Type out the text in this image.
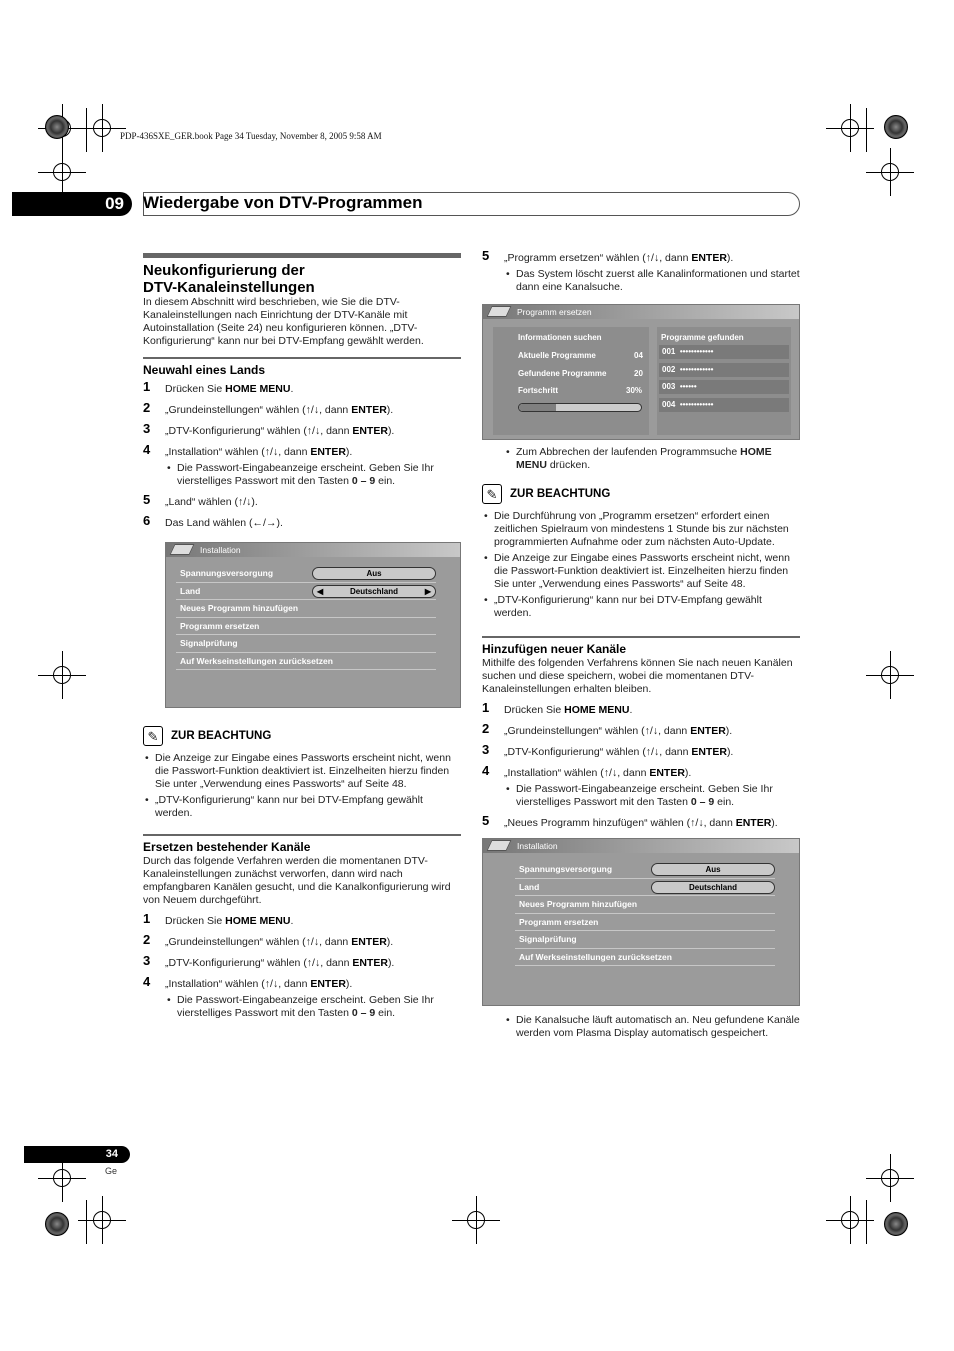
PDP-436SXE_GER.book Page 34 Tuesday, November 8, 2005 9:58 AM
09	Wiedergabe von DTV-Programmen
Neukonfigurierung der
DTV-Kanaleinstellungen

In diesem Abschnitt wird beschrieben, wie Sie die DTV-Kanaleinstellungen nach Einrichtung der DTV-Kanäle mit Autoinstallation (Seite 24) neu konfigurieren können. „DTV-Konfigurierung“ kann nur bei DTV-Empfang gewählt werden.

Neuwahl eines Lands
1 Drücken Sie HOME MENU.
2 „Grundeinstellungen“ wählen (↑/↓, dann ENTER).
3 „DTV-Konfigurierung“ wählen (↑/↓, dann ENTER).
4 „Installation“ wählen (↑/↓, dann ENTER).
• Die Passwort-Eingabeanzeige erscheint. Geben Sie Ihr vierstelliges Passwort mit den Tasten 0 – 9 ein.
5 „Land“ wählen (↑/↓).
6 Das Land wählen (←/→).
Installation
Spannungsversorgung	Aus
Land	◀	Deutschland	▶
Neues Programm hinzufügen
Programm ersetzen
Signalprüfung
Auf Werkseinstellungen zurücksetzen
✎	ZUR BEACHTUNG
• Die Anzeige zur Eingabe eines Passworts erscheint nicht, wenn die Passwort-Funktion deaktiviert ist. Einzelheiten hierzu finden Sie unter „Verwendung eines Passworts“ auf Seite 48.
• „DTV-Konfigurierung“ kann nur bei DTV-Empfang gewählt werden.
Ersetzen bestehender Kanäle

Durch das folgende Verfahren werden die momentanen DTV-Kanaleinstellungen zunächst verworfen, dann wird nach empfangbaren Kanälen gesucht, und die Kanalkonfigurierung wird von Neuem durchgeführt.

1 Drücken Sie HOME MENU.
2 „Grundeinstellungen“ wählen (↑/↓, dann ENTER).
3 „DTV-Konfigurierung“ wählen (↑/↓, dann ENTER).
4 „Installation“ wählen (↑/↓, dann ENTER).
• Die Passwort-Eingabeanzeige erscheint. Geben Sie Ihr vierstelliges Passwort mit den Tasten 0 – 9 ein.
5 „Programm ersetzen“ wählen (↑/↓, dann ENTER).
• Das System löscht zuerst alle Kanalinformationen und startet dann eine Kanalsuche.
Programm ersetzen
Informationen suchen
Aktuelle Programme	04
Gefundene Programme	20
Fortschritt	30%
Programme gefunden
001 ••••••••••••
002 ••••••••••••
003 ••••••
004 ••••••••••••
• Zum Abbrechen der laufenden Programmsuche HOME MENU drücken.
✎	ZUR BEACHTUNG
• Die Durchführung von „Programm ersetzen“ erfordert einen zeitlichen Spielraum von mindestens 1 Stunde bis zur nächsten programmierten Aufnahme oder zum nächsten Auto-Update.
• Die Anzeige zur Eingabe eines Passworts erscheint nicht, wenn die Passwort-Funktion deaktiviert ist. Einzelheiten hierzu finden Sie unter „Verwendung eines Passworts“ auf Seite 48.
• „DTV-Konfigurierung“ kann nur bei DTV-Empfang gewählt werden.
Hinzufügen neuer Kanäle

Mithilfe des folgenden Verfahrens können Sie nach neuen Kanälen suchen und diese speichern, wobei die momentanen DTV-Kanaleinstellungen erhalten bleiben.

1 Drücken Sie HOME MENU.
2 „Grundeinstellungen“ wählen (↑/↓, dann ENTER).
3 „DTV-Konfigurierung“ wählen (↑/↓, dann ENTER).
4 „Installation“ wählen (↑/↓, dann ENTER).
• Die Passwort-Eingabeanzeige erscheint. Geben Sie Ihr vierstelliges Passwort mit den Tasten 0 – 9 ein.
5 „Neues Programm hinzufügen“ wählen (↑/↓, dann ENTER).
Installation
Spannungsversorgung	Aus
Land	Deutschland
Neues Programm hinzufügen
Programm ersetzen
Signalprüfung
Auf Werkseinstellungen zurücksetzen
• Die Kanalsuche läuft automatisch an. Neu gefundene Kanäle werden vom Plasma Display automatisch gespeichert.
34
Ge
